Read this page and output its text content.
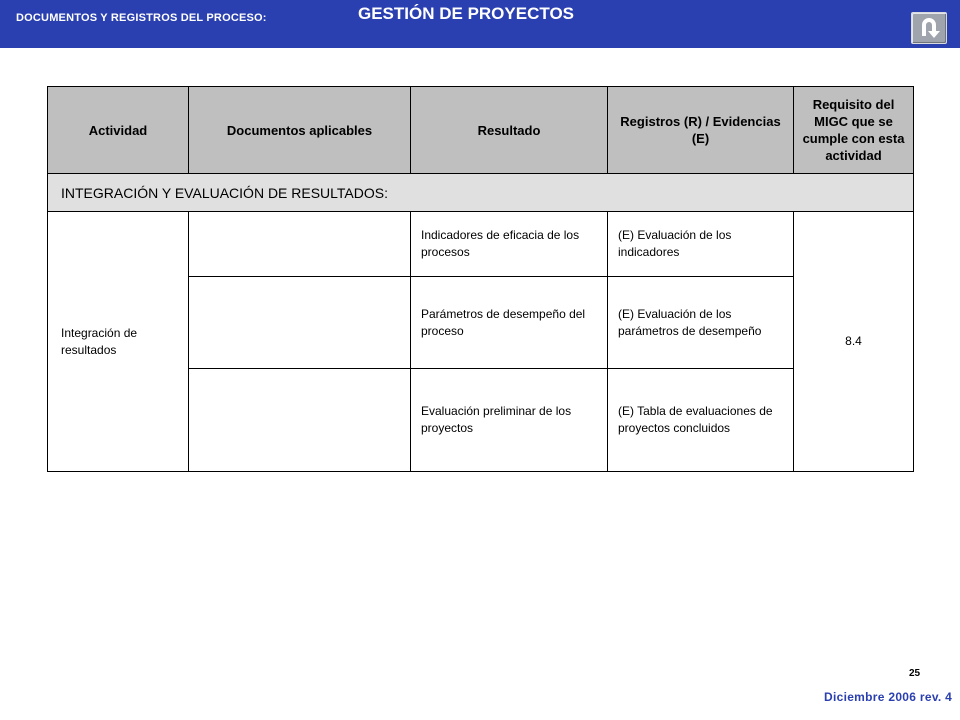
DOCUMENTOS Y REGISTROS DEL PROCESO:	GESTIÓN DE PROYECTOS
Actividad	Documentos aplicables	Resultado	Registros (R) / Evidencias (E)	Requisito del MIGC que se cumple con esta actividad
INTEGRACIÓN Y EVALUACIÓN DE RESULTADOS:				
Integración de resultados		Indicadores de eficacia de los procesos	(E) Evaluación de los indicadores	8.4
		Parámetros de desempeño del proceso	(E) Evaluación de los parámetros de desempeño	
		Evaluación preliminar de los proyectos	(E) Tabla de evaluaciones de proyectos concluidos	
25
Diciembre 2006 rev. 4
